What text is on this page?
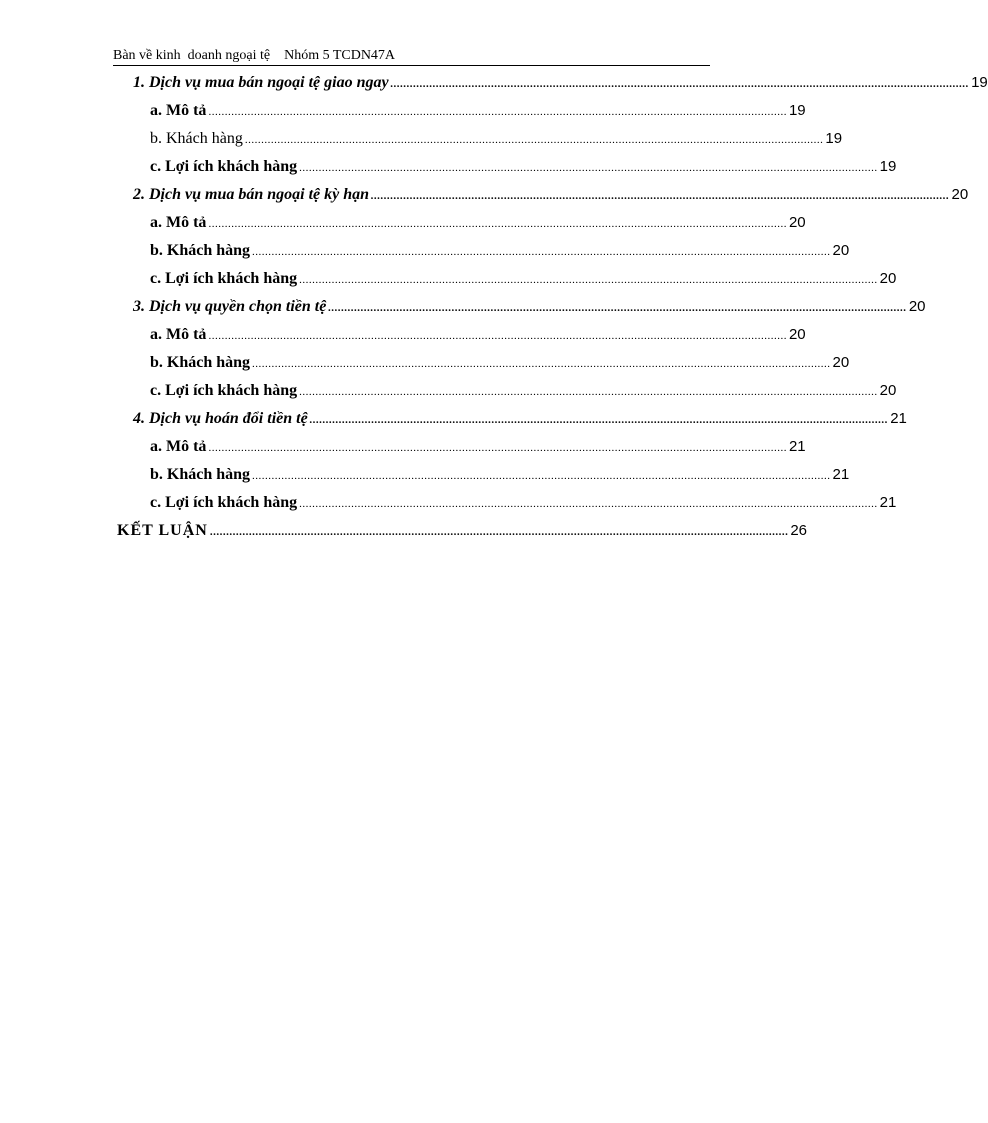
Bàn về kinh  doanh ngoại tệ Nhóm 5 TCDN47A
1. Dịch vụ mua bán ngoại tệ giao ngay .................................................................................................................................................................................. 19
a. Mô tả .................................................................................................................................................................................. 19
b. Khách hàng .................................................................................................................................................................................. 19
c. Lợi ích khách hàng .................................................................................................................................................................................. 19
2. Dịch vụ mua bán ngoại tệ kỳ hạn .................................................................................................................................................................................. 20
a. Mô tả .................................................................................................................................................................................. 20
b. Khách hàng .................................................................................................................................................................................. 20
c. Lợi ích khách hàng .................................................................................................................................................................................. 20
3. Dịch vụ quyền chọn tiền tệ .................................................................................................................................................................................. 20
a. Mô tả .................................................................................................................................................................................. 20
b. Khách hàng .................................................................................................................................................................................. 20
c. Lợi ích khách hàng .................................................................................................................................................................................. 20
4. Dịch vụ hoán đổi tiền tệ .................................................................................................................................................................................. 21
a. Mô tả .................................................................................................................................................................................. 21
b. Khách hàng .................................................................................................................................................................................. 21
c. Lợi ích khách hàng .................................................................................................................................................................................. 21
KẾT LUẬN .................................................................................................................................................................................. 26
